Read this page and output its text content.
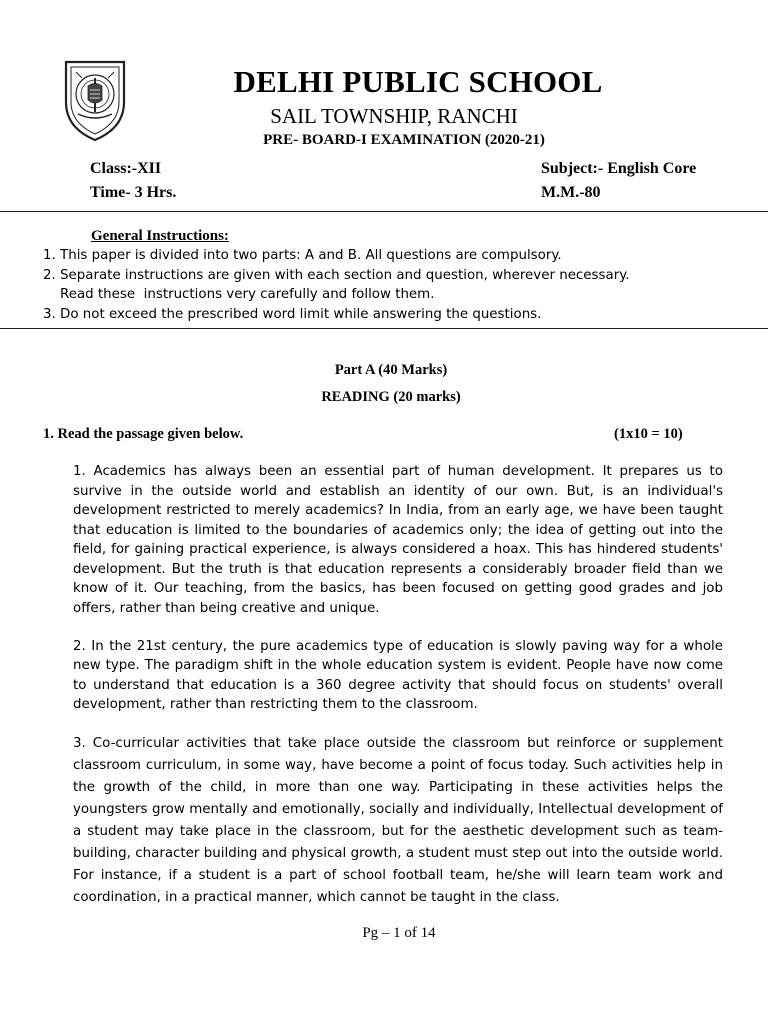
DELHI PUBLIC SCHOOL
SAIL TOWNSHIP, RANCHI
PRE- BOARD-I EXAMINATION (2020-21)
Class:-XII
Time- 3 Hrs.
Subject:- English Core
M.M.-80
General Instructions:
1. This paper is divided into two parts: A and B. All questions are compulsory.
2. Separate instructions are given with each section and question, wherever necessary.
Read these  instructions very carefully and follow them.
3. Do not exceed the prescribed word limit while answering the questions.
Part A (40 Marks)
READING (20 marks)
1. Read the passage given below.	(1x10 = 10)

1. Academics has always been an essential part of human development. It prepares us to survive in the outside world and establish an identity of our own. But, is an individual's development restricted to merely academics? In India, from an early age, we have been taught that education is limited to the boundaries of academics only; the idea of getting out into the field, for gaining practical experience, is always considered a hoax. This has hindered students' development. But the truth is that education represents a considerably broader field than we know of it. Our teaching, from the basics, has been focused on getting good grades and job offers, rather than being creative and unique.

2. In the 21st century, the pure academics type of education is slowly paving way for a whole new type. The paradigm shift in the whole education system is evident. People have now come to understand that education is a 360 degree activity that should focus on students' overall development, rather than restricting them to the classroom.

3. Co-curricular activities that take place outside the classroom but reinforce or supplement classroom curriculum, in some way, have become a point of focus today. Such activities help in the growth of the child, in more than one way. Participating in these activities helps the youngsters grow mentally and emotionally, socially and individually, Intellectual development of a student may take place in the classroom, but for the aesthetic development such as team-building, character building and physical growth, a student must step out into the outside world. For instance, if a student is a part of school football team, he/she will learn team work and coordination, in a practical manner, which cannot be taught in the class.

Pg – 1 of 14
